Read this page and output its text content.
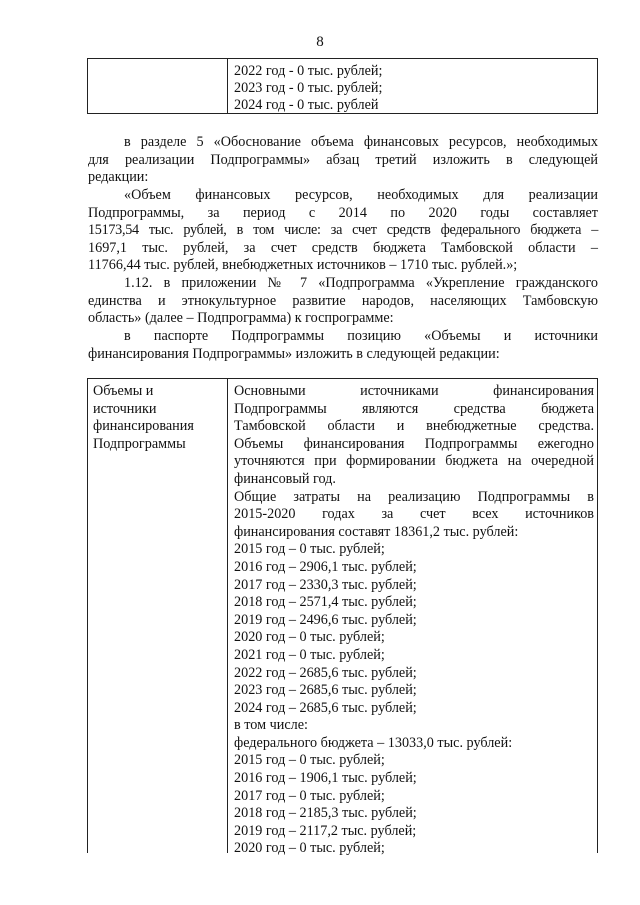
8
2022 год - 0 тыс. рублей;
2023 год - 0 тыс. рублей;
2024 год - 0 тыс. рублей
в разделе 5 «Обоснование объема финансовых ресурсов, необходимых
для реализации Подпрограммы» абзац третий изложить в следующей
редакции:
«Объем финансовых ресурсов, необходимых для реализации
Подпрограммы, за период с 2014 по 2020 годы составляет
15173,54 тыс. рублей, в том числе: за счет средств федерального бюджета –
1697,1 тыс. рублей, за счет средств бюджета Тамбовской области –
11766,44 тыс. рублей, внебюджетных источников – 1710 тыс. рублей.»;
1.12. в приложении № 7 «Подпрограмма «Укрепление гражданского
единства и этнокультурное развитие народов, населяющих Тамбовскую
область» (далее – Подпрограмма) к госпрограмме:
в паспорте Подпрограммы позицию «Объемы и источники
финансирования Подпрограммы» изложить в следующей редакции:
Объемы и
источники
финансирования
Подпрограммы
Основными источниками финансирования
Подпрограммы являются средства бюджета
Тамбовской области и внебюджетные средства.
Объемы финансирования Подпрограммы ежегодно
уточняются при формировании бюджета на очередной
финансовый год.
Общие затраты на реализацию Подпрограммы в
2015-2020 годах за счет всех источников
финансирования составят 18361,2 тыс. рублей:
2015 год – 0 тыс. рублей;
2016 год – 2906,1 тыс. рублей;
2017 год – 2330,3 тыс. рублей;
2018 год – 2571,4 тыс. рублей;
2019 год – 2496,6 тыс. рублей;
2020 год – 0 тыс. рублей;
2021 год – 0 тыс. рублей;
2022 год – 2685,6 тыс. рублей;
2023 год – 2685,6 тыс. рублей;
2024 год – 2685,6 тыс. рублей;
в том числе:
федерального бюджета – 13033,0 тыс. рублей:
2015 год – 0 тыс. рублей;
2016 год – 1906,1 тыс. рублей;
2017 год – 0 тыс. рублей;
2018 год – 2185,3 тыс. рублей;
2019 год – 2117,2 тыс. рублей;
2020 год – 0 тыс. рублей;
